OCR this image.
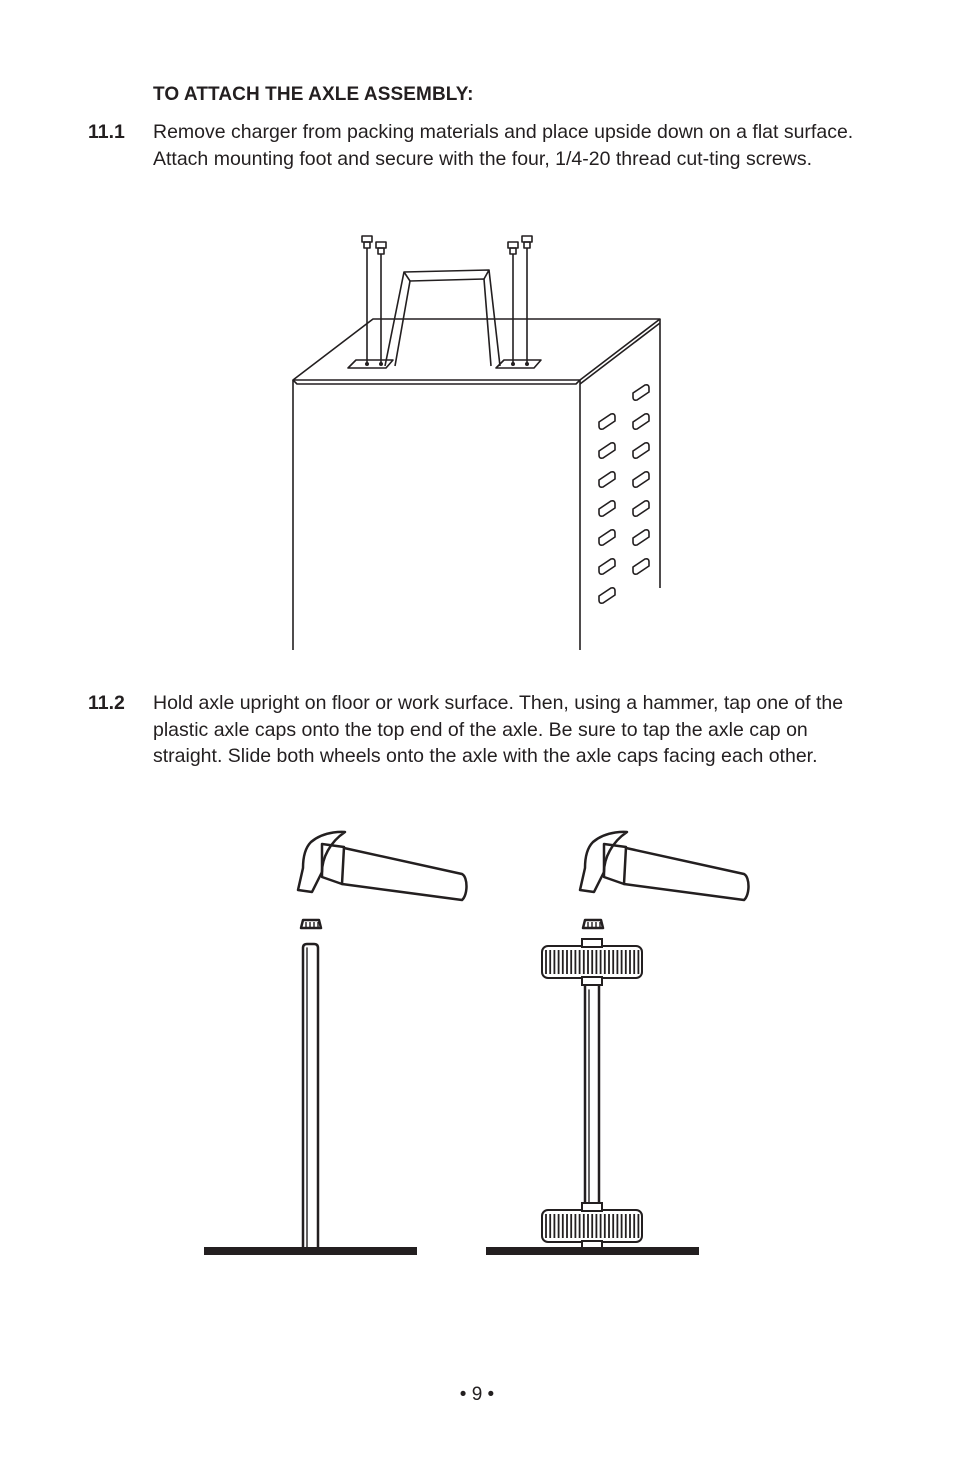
TO ATTACH THE AXLE ASSEMBLY:
11.1 Remove charger from packing materials and place upside down on a flat surface. Attach mounting foot and secure with the four, 1/4-20 thread cut-ting screws.
11.2 Hold axle upright on floor or work surface. Then, using a hammer, tap one of the plastic axle caps onto the top end of the axle. Be sure to tap the axle cap on straight. Slide both wheels onto the axle with the axle caps facing each other.
• 9 •
